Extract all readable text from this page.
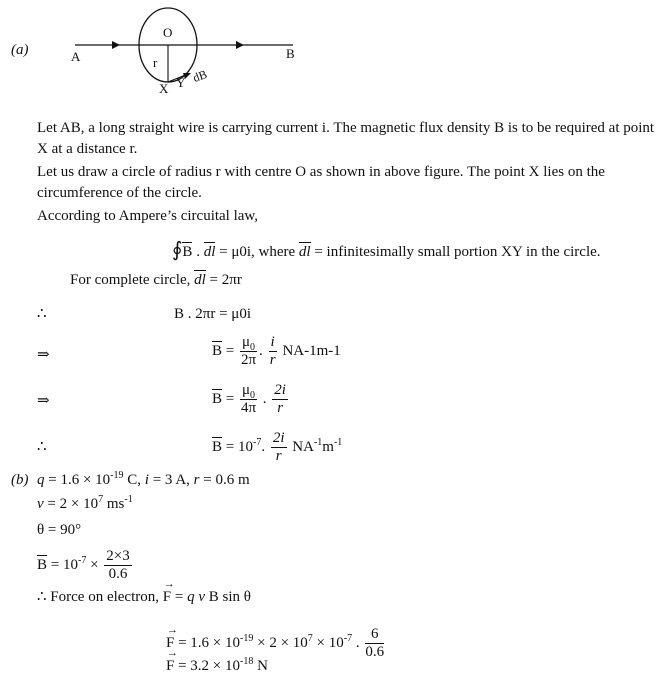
(a)	A	B
O
r
X Y dB
Let AB, a long straight wire is carrying current i. The magnetic flux density B is to be required at point X at a distance r.
Let us draw a circle of radius r with centre O as shown in above figure. The point X lies on the circumference of the circle.
According to Ampere’s circuital law,
∮B . dl = μ0i, where dl = infinitesimally small portion XY in the circle.
For complete circle, dl = 2πr
∴	B . 2πr = μ0i
⇒	$B = \frac{\mu_0}{2\pi}$ . $\frac{i}{r} NA-1m-1$
⇒	$B = \frac{\mu_0}{4\pi}$ . $\frac{2i}{r}$
∴	$B = 10^{-7}$. $\frac{2i}{r} NA^{-1}m^{-1}$
(b) $q = 1.6 \times 10^{-19}$ C, i = 3 A, r = 0.6 m
$v = 2 \times 10^7$ $ms^{-1}$
θ = 90°
$B = 10^{-7} \times \frac{2\times 3}{0.6}$
∴ Force on electron, → F = q v B sin θ
→ $F = 1.6 \times 10^{-19} \times 2 \times 10^7 \times 10^{-7}$ . $\frac{6}{0.6}$
→ $F = 3.2 \times 10^{-18}$ N
